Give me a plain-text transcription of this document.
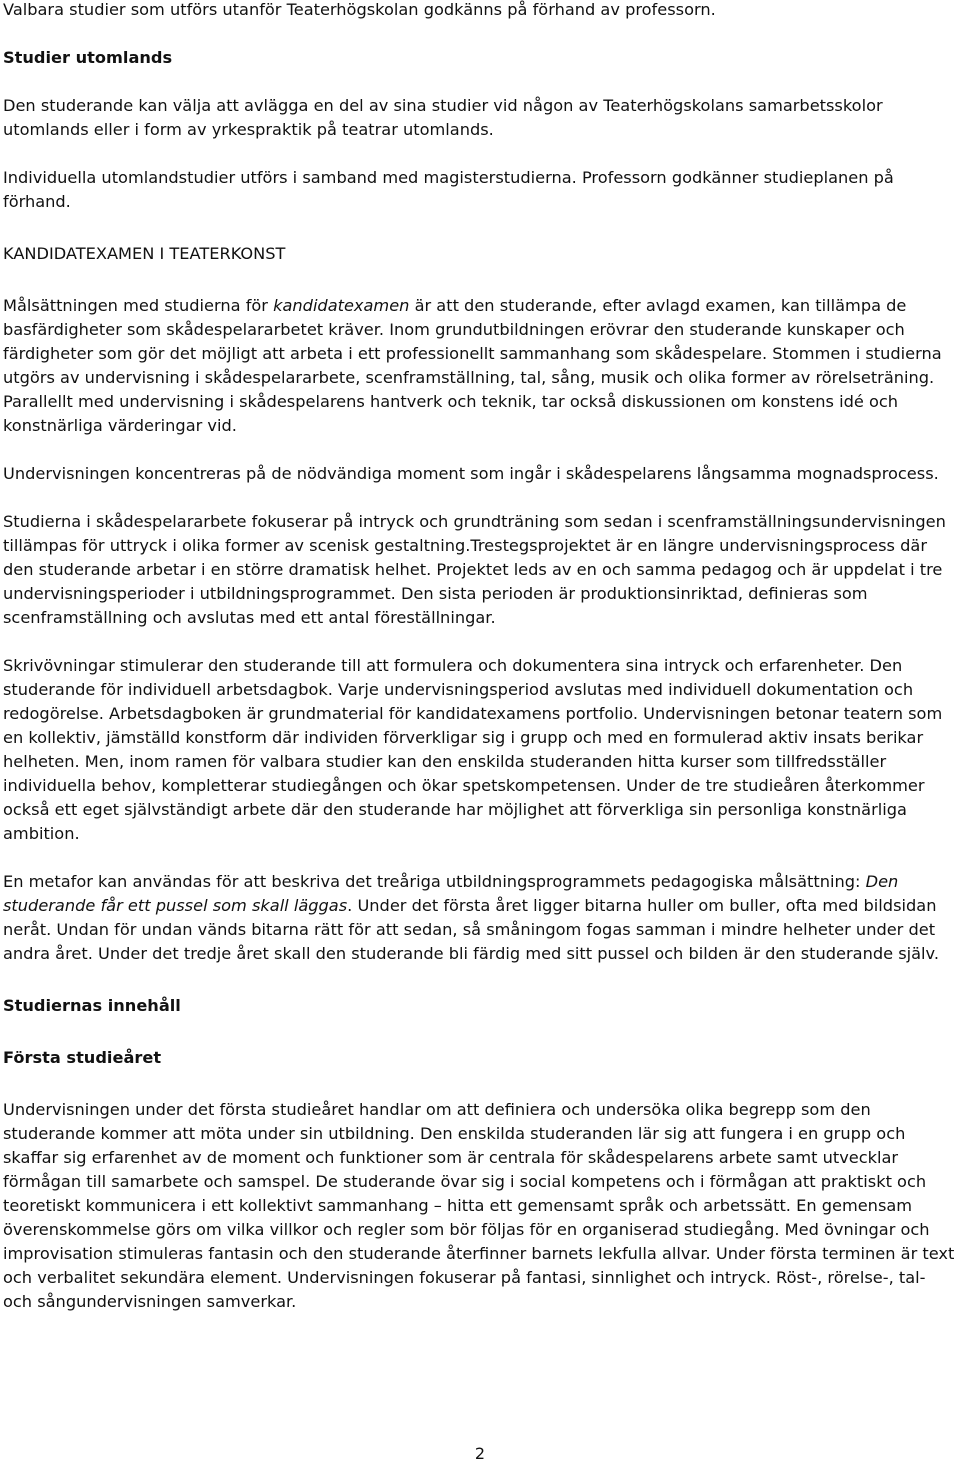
Valbara studier som utförs utanför Teaterhögskolan godkänns på förhand av professorn.

Studier utomlands

Den studerande kan välja att avlägga en del av sina studier vid någon av Teaterhögskolans samarbetsskolor utomlands eller i form av yrkespraktik på teatrar utomlands.

Individuella utomlandstudier utförs i samband med magisterstudierna. Professorn godkänner studieplanen på förhand.

KANDIDATEXAMEN I TEATERKONST

Målsättningen med studierna för kandidatexamen är att den studerande, efter avlagd examen, kan tillämpa de basfärdigheter som skådespelararbetet kräver. Inom grundutbildningen erövrar den studerande kunskaper och färdigheter som gör det möjligt att arbeta i ett professionellt sammanhang som skådespelare. Stommen i studierna utgörs av undervisning i skådespelararbete, scenframställning, tal, sång, musik och olika former av rörelseträning. Parallellt med undervisning i skådespelarens hantverk och teknik, tar också diskussionen om konstens idé och konstnärliga värderingar vid.

Undervisningen koncentreras på de nödvändiga moment som ingår i skådespelarens långsamma mognadsprocess.

Studierna i skådespelararbete fokuserar på intryck och grundträning som sedan i scenframställningsundervisningen tillämpas för uttryck i olika former av scenisk gestaltning.Trestegsprojektet är en längre undervisningsprocess där den studerande arbetar i en större dramatisk helhet. Projektet leds av en och samma pedagog och är uppdelat i tre undervisningsperioder i utbildningsprogrammet. Den sista perioden är produktionsinriktad, definieras som scenframställning och avslutas med ett antal föreställningar.

Skrivövningar stimulerar den studerande till att formulera och dokumentera sina intryck och erfarenheter. Den studerande för individuell arbetsdagbok. Varje undervisningsperiod avslutas med individuell dokumentation och redogörelse. Arbetsdagboken är grundmaterial för kandidatexamens portfolio. Undervisningen betonar teatern som en kollektiv, jämställd konstform där individen förverkligar sig i grupp och med en formulerad aktiv insats berikar helheten. Men, inom ramen för valbara studier kan den enskilda studeranden hitta kurser som tillfredsställer individuella behov, kompletterar studiegången och ökar spetskompetensen. Under de tre studieåren återkommer också ett eget självständigt arbete där den studerande har möjlighet att förverkliga sin personliga konstnärliga ambition.

En metafor kan användas för att beskriva det treåriga utbildningsprogrammets pedagogiska målsättning: Den studerande får ett pussel som skall läggas. Under det första året ligger bitarna huller om buller, ofta med bildsidan neråt. Undan för undan vänds bitarna rätt för att sedan, så småningom fogas samman i mindre helheter under det andra året. Under det tredje året skall den studerande bli färdig med sitt pussel och bilden är den studerande själv.

Studiernas innehåll

Första studieåret

Undervisningen under det första studieåret handlar om att definiera och undersöka olika begrepp som den studerande kommer att möta under sin utbildning. Den enskilda studeranden lär sig att fungera i en grupp och skaffar sig erfarenhet av de moment och funktioner som är centrala för skådespelarens arbete samt utvecklar förmågan till samarbete och samspel. De studerande övar sig i social kompetens och i förmågan att praktiskt och teoretiskt kommunicera i ett kollektivt sammanhang – hitta ett gemensamt språk och arbetssätt. En gemensam överenskommelse görs om vilka villkor och regler som bör följas för en organiserad studiegång. Med övningar och improvisation stimuleras fantasin och den studerande återfinner barnets lekfulla allvar. Under första terminen är text och verbalitet sekundära element. Undervisningen fokuserar på fantasi, sinnlighet och intryck. Röst-, rörelse-, tal- och sångundervisningen samverkar.

2
